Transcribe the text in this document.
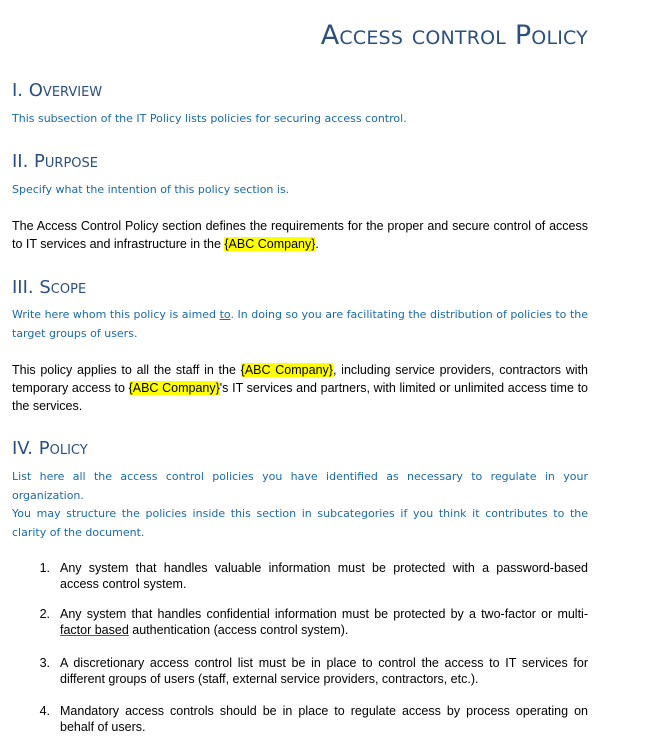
Access control Policy
I. Overview
This subsection of the IT Policy lists policies for securing access control.
II. Purpose
Specify what the intention of this policy section is.
The Access Control Policy section defines the requirements for the proper and secure control of access to IT services and infrastructure in the {ABC Company}.
III. Scope
Write here whom this policy is aimed to. In doing so you are facilitating the distribution of policies to the target groups of users.
This policy applies to all the staff in the {ABC Company}, including service providers, contractors with temporary access to {ABC Company}'s IT services and partners, with limited or unlimited access time to the services.
IV. Policy
List here all the access control policies you have identified as necessary to regulate in your organization.
You may structure the policies inside this section in subcategories if you think it contributes to the clarity of the document.
1. Any system that handles valuable information must be protected with a password-based access control system.
2. Any system that handles confidential information must be protected by a two-factor or multi-factor based authentication (access control system).
3. A discretionary access control list must be in place to control the access to IT services for different groups of users (staff, external service providers, contractors, etc.).
4. Mandatory access controls should be in place to regulate access by process operating on behalf of users.
